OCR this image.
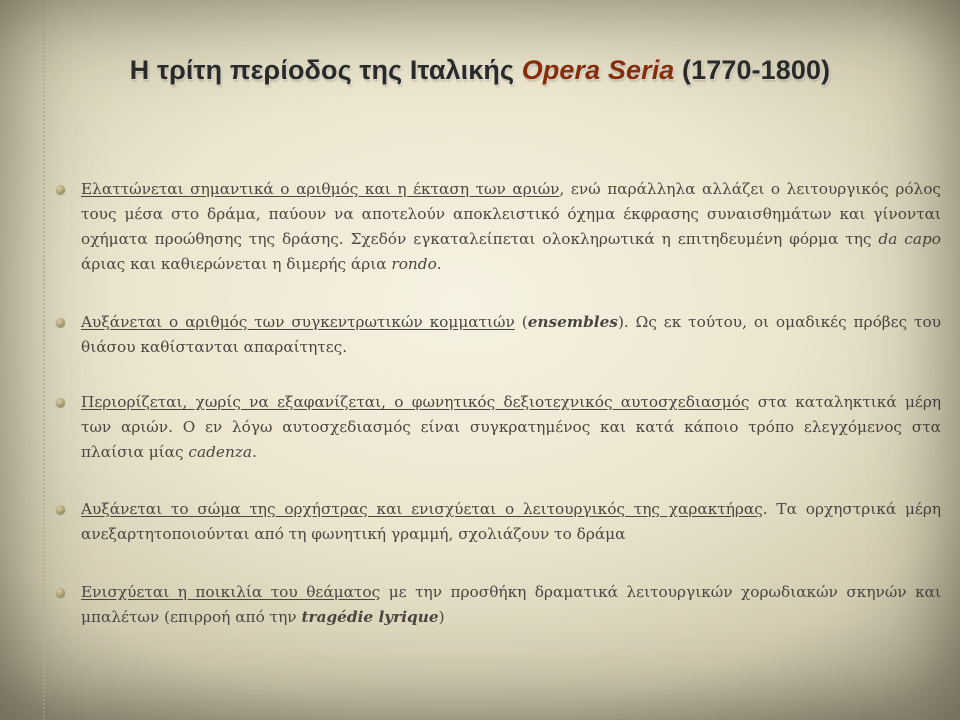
Η τρίτη περίοδος της Ιταλικής Opera Seria (1770-1800)
Ελαττώνεται σημαντικά ο αριθμός και η έκταση των αριών, ενώ παράλληλα αλλάζει ο λειτουργικός ρόλος τους μέσα στο δράμα, παύουν να αποτελούν αποκλειστικό όχημα έκφρασης συναισθημάτων και γίνονται οχήματα προώθησης της δράσης. Σχεδόν εγκαταλείπεται ολοκληρωτικά η επιτηδευμένη φόρμα της da capo άριας και καθιερώνεται η διμερής άρια rondo.
Αυξάνεται ο αριθμός των συγκεντρωτικών κομματιών (ensembles). Ως εκ τούτου, οι ομαδικές πρόβες του θιάσου καθίστανται απαραίτητες.
Περιορίζεται, χωρίς να εξαφανίζεται, ο φωνητικός δεξιοτεχνικός αυτοσχεδιασμός στα καταληκτικά μέρη των αριών. Ο εν λόγω αυτοσχεδιασμός είναι συγκρατημένος και κατά κάποιο τρόπο ελεγχόμενος στα πλαίσια μίας cadenza.
Αυξάνεται το σώμα της ορχήστρας και ενισχύεται ο λειτουργικός της χαρακτήρας. Τα ορχηστρικά μέρη ανεξαρτητοποιούνται από τη φωνητική γραμμή, σχολιάζουν το δράμα
Ενισχύεται η ποικιλία του θεάματος με την προσθήκη δραματικά λειτουργικών χορωδιακών σκηνών και μπαλέτων (επιρροή από την tragédie lyrique)
